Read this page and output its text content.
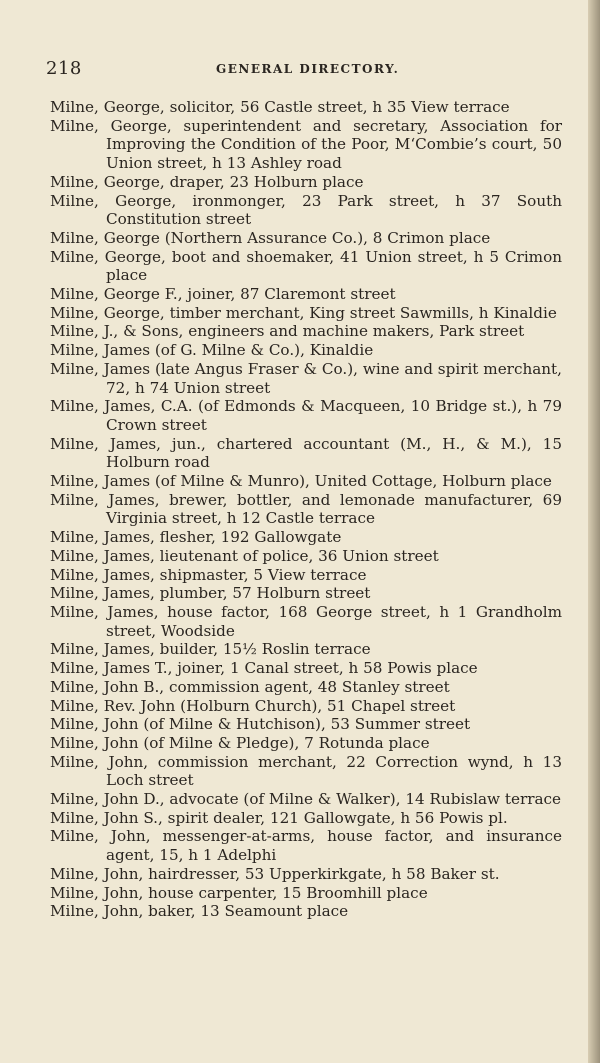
218	GENERAL DIRECTORY.
Milne, George, solicitor, 56 Castle street, h 35 View terrace
Milne, George, superintendent and secretary, Association for Improving the Condition of the Poor, M‘Combie’s court, 50 Union street, h 13 Ashley road
Milne, George, draper, 23 Holburn place
Milne, George, ironmonger, 23 Park street, h 37 South Constitution street
Milne, George (Northern Assurance Co.), 8 Crimon place
Milne, George, boot and shoemaker, 41 Union street, h 5 Crimon place
Milne, George F., joiner, 87 Claremont street
Milne, George, timber merchant, King street Sawmills, h Kinaldie
Milne, J., & Sons, engineers and machine makers, Park street
Milne, James (of G. Milne & Co.), Kinaldie
Milne, James (late Angus Fraser & Co.), wine and spirit merchant, 72, h 74 Union street
Milne, James, C.A. (of Edmonds & Macqueen, 10 Bridge st.), h 79 Crown street
Milne, James, jun., chartered accountant (M., H., & M.), 15 Holburn road
Milne, James (of Milne & Munro), United Cottage, Holburn place
Milne, James, brewer, bottler, and lemonade manufacturer, 69 Virginia street, h 12 Castle terrace
Milne, James, flesher, 192 Gallowgate
Milne, James, lieutenant of police, 36 Union street
Milne, James, shipmaster, 5 View terrace
Milne, James, plumber, 57 Holburn street
Milne, James, house factor, 168 George street, h 1 Grandholm street, Woodside
Milne, James, builder, 15½ Roslin terrace
Milne, James T., joiner, 1 Canal street, h 58 Powis place
Milne, John B., commission agent, 48 Stanley street
Milne, Rev. John (Holburn Church), 51 Chapel street
Milne, John (of Milne & Hutchison), 53 Summer street
Milne, John (of Milne & Pledge), 7 Rotunda place
Milne, John, commission merchant, 22 Correction wynd, h 13 Loch street
Milne, John D., advocate (of Milne & Walker), 14 Rubislaw terrace
Milne, John S., spirit dealer, 121 Gallowgate, h 56 Powis pl.
Milne, John, messenger-at-arms, house factor, and insurance agent, 15, h 1 Adelphi
Milne, John, hairdresser, 53 Upperkirkgate, h 58 Baker st.
Milne, John, house carpenter, 15 Broomhill place
Milne, John, baker, 13 Seamount place
